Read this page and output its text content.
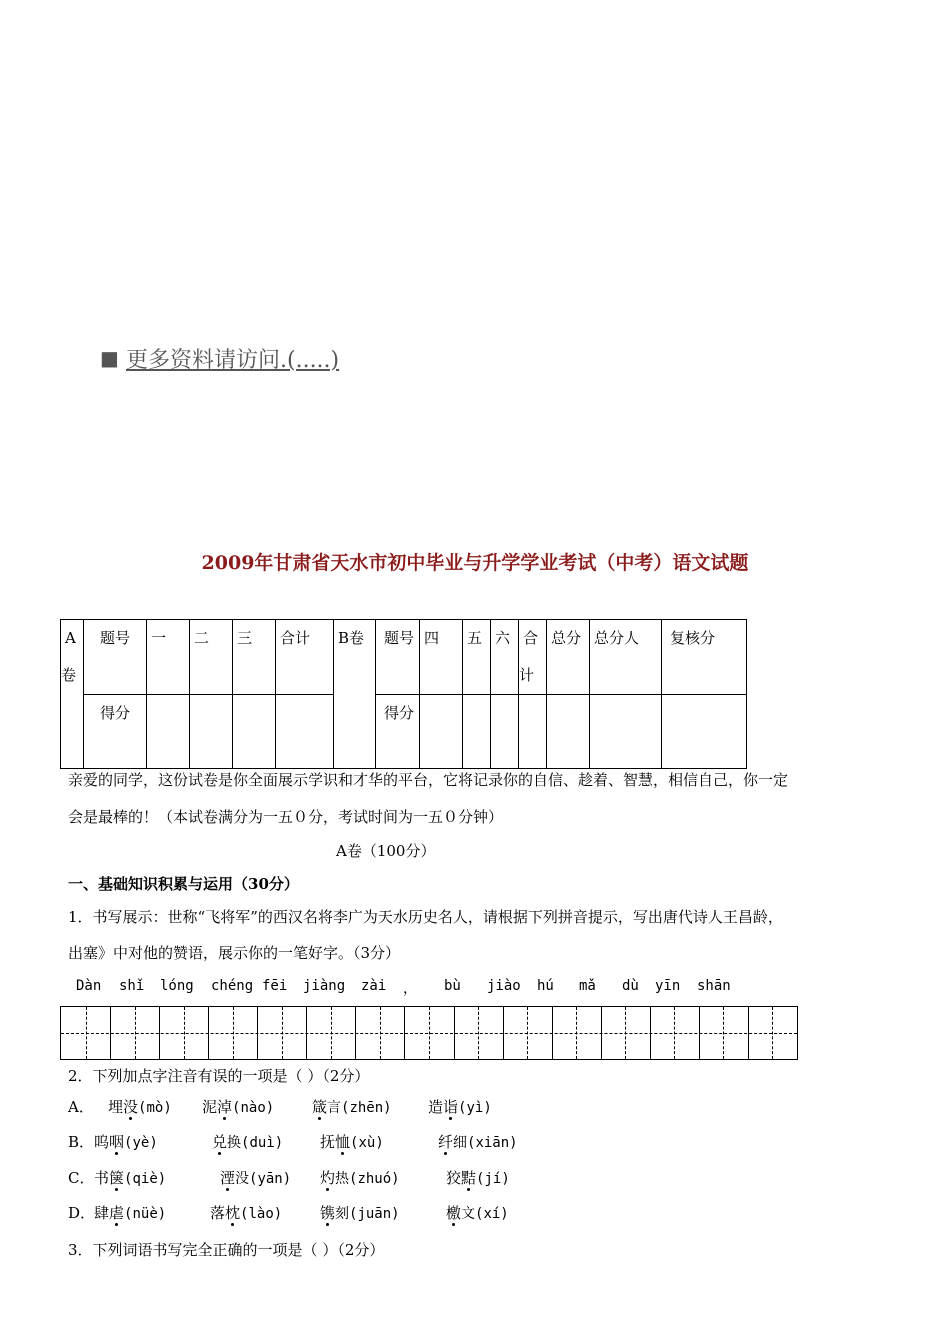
■ 更多资料请访问.(.....)
2009年甘肃省天水市初中毕业与升学学业考试（中考）语文试题
A卷	题号	一	二	三	合计	B卷	题号	四	五	六	合计	总分	总分人	复核分
	得分						得分							
亲爱的同学，这份试卷是你全面展示学识和才华的平台，它将记录你的自信、趁着、智慧，相信自己，你一定
会是最棒的！（本试卷满分为一五０分，考试时间为一五０分钟）
A卷（100分）
一、基础知识积累与运用（30分）
1．书写展示：世称“飞将军”的西汉名将李广为天水历史名人，请根据下列拼音提示，写出唐代诗人王昌龄，
出塞》中对他的赞语，展示你的一笔好字。（3分）
Dàn shǐ lóng chéng fēi jiàng zài ， bù jiào hú mǎ dù yīn shān
2．下列加点字注音有误的一项是（ ）（2分）
A． 埋没(mò) 泥淖(nào)	箴言(zhēn) 造诣(yì)
B． 呜咽(yè)	兑换(duì) 抚恤(xù)	纤细(xiān)
C． 书箧(qiè)	湮没(yān) 灼热(zhuó)	狡黠(jí)
D．
肆虐(nüè)	落枕(lào)	镌刻(juān)	檄文(xí)
3．下列词语书写完全正确的一项是（ ）（2分）
